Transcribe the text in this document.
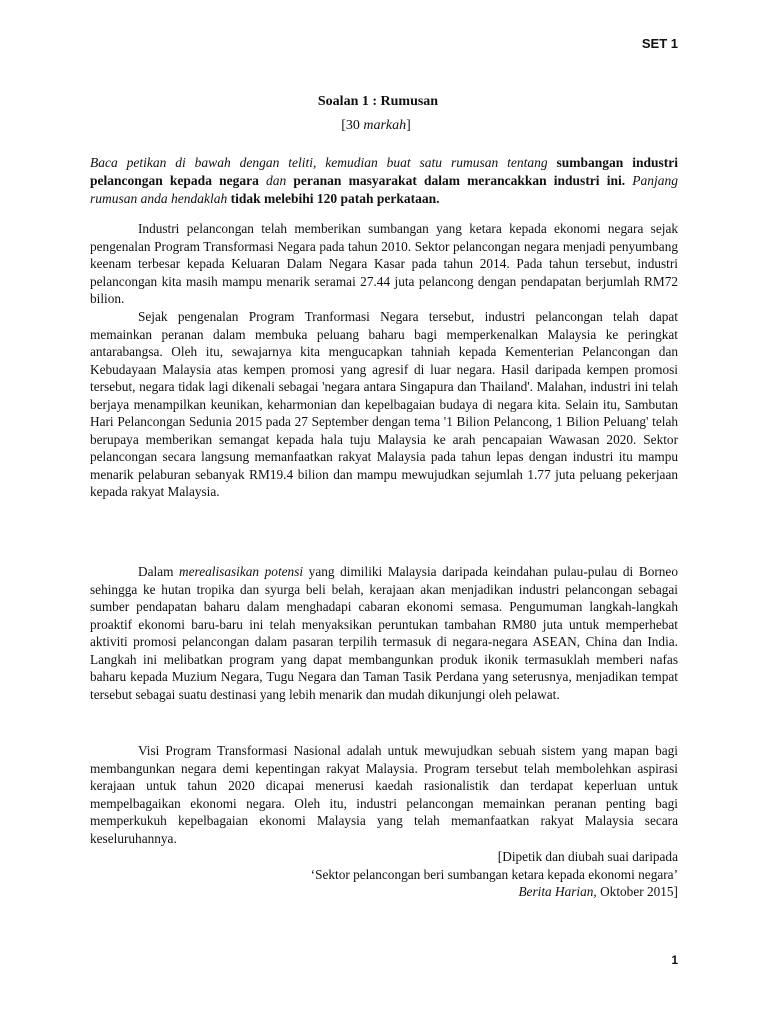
SET 1
Soalan 1 : Rumusan
[30 markah]
Baca petikan di bawah dengan teliti, kemudian buat satu rumusan tentang sumbangan industri pelancongan kepada negara dan peranan masyarakat dalam merancakkan industri ini. Panjang rumusan anda hendaklah tidak melebihi 120 patah perkataan.

Industri pelancongan telah memberikan sumbangan yang ketara kepada ekonomi negara sejak pengenalan Program Transformasi Negara pada tahun 2010. Sektor pelancongan negara menjadi penyumbang keenam terbesar kepada Keluaran Dalam Negara Kasar pada tahun 2014. Pada tahun tersebut, industri pelancongan kita masih mampu menarik seramai 27.44 juta pelancong dengan pendapatan berjumlah RM72 bilion.

Sejak pengenalan Program Tranformasi Negara tersebut, industri pelancongan telah dapat memainkan peranan dalam membuka peluang baharu bagi memperkenalkan Malaysia ke peringkat antarabangsa. Oleh itu, sewajarnya kita mengucapkan tahniah kepada Kementerian Pelancongan dan Kebudayaan Malaysia atas kempen promosi yang agresif di luar negara. Hasil daripada kempen promosi tersebut, negara tidak lagi dikenali sebagai 'negara antara Singapura dan Thailand'. Malahan, industri ini telah berjaya menampilkan keunikan, keharmonian dan kepelbagaian budaya di negara kita. Selain itu, Sambutan Hari Pelancongan Sedunia 2015 pada 27 September dengan tema '1 Bilion Pelancong, 1 Bilion Peluang' telah berupaya memberikan semangat kepada hala tuju Malaysia ke arah pencapaian Wawasan 2020. Sektor pelancongan secara langsung memanfaatkan rakyat Malaysia pada tahun lepas dengan industri itu mampu menarik pelaburan sebanyak RM19.4 bilion dan mampu mewujudkan sejumlah 1.77 juta peluang pekerjaan kepada rakyat Malaysia.

Dalam merealisasikan potensi yang dimiliki Malaysia daripada keindahan pulau-pulau di Borneo sehingga ke hutan tropika dan syurga beli belah, kerajaan akan menjadikan industri pelancongan sebagai sumber pendapatan baharu dalam menghadapi cabaran ekonomi semasa. Pengumuman langkah-langkah proaktif ekonomi baru-baru ini telah menyaksikan peruntukan tambahan RM80 juta untuk memperhebat aktiviti promosi pelancongan dalam pasaran terpilih termasuk di negara-negara ASEAN, China dan India. Langkah ini melibatkan program yang dapat membangunkan produk ikonik termasuklah memberi nafas baharu kepada Muzium Negara, Tugu Negara dan Taman Tasik Perdana yang seterusnya, menjadikan tempat tersebut sebagai suatu destinasi yang lebih menarik dan mudah dikunjungi oleh pelawat.

Visi Program Transformasi Nasional adalah untuk mewujudkan sebuah sistem yang mapan bagi membangunkan negara demi kepentingan rakyat Malaysia. Program tersebut telah membolehkan aspirasi kerajaan untuk tahun 2020 dicapai menerusi kaedah rasionalistik dan terdapat keperluan untuk mempelbagaikan ekonomi negara. Oleh itu, industri pelancongan memainkan peranan penting bagi memperkukuh kepelbagaian ekonomi Malaysia yang telah memanfaatkan rakyat Malaysia secara keseluruhannya.

[Dipetik dan diubah suai daripada
‘Sektor pelancongan beri sumbangan ketara kepada ekonomi negara’
Berita Harian, Oktober 2015]
1
